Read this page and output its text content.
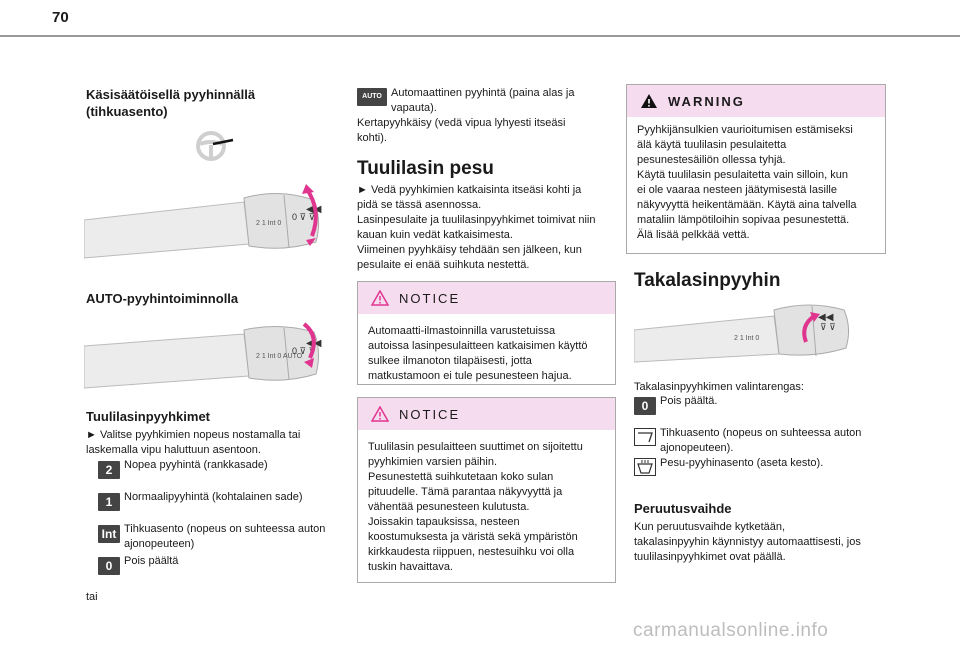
70
Käsisäätöisellä pyyhinnällä
(tihkuasento)
2 1 Int 0
0 ⊽ ⊽
◀◀
AUTO-pyyhintoiminnolla
2 1 Int 0 AUTO
0 ⊽ ⊽
◀◀
Tuulilasinpyyhkimet
► Valitse pyyhkimien nopeus nostamalla tai
laskemalla vipu haluttuun asentoon.
2	Nopea pyyhintä (rankkasade)
1	Normaalipyyhintä (kohtalainen sade)
Int Tihkuasento (nopeus on suhteessa auton
ajonopeuteen)
0	Pois päältä
tai
AUTO Automaattinen pyyhintä (paina alas ja
vapauta).
Kertapyyhkäisy (vedä vipua lyhyesti itseäsi
kohti).
Tuulilasin pesu
► Vedä pyyhkimien katkaisinta itseäsi kohti ja
pidä se tässä asennossa.
Lasinpesulaite ja tuulilasinpyyhkimet toimivat niin
kauan kuin vedät katkaisimesta.
Viimeinen pyyhkäisy tehdään sen jälkeen, kun
pesulaite ei enää suihkuta nestettä.
NOTICE
Automaatti-ilmastoinnilla varustetuissa
autoissa lasinpesulaitteen katkaisimen käyttö
sulkee ilmanoton tilapäisesti, jotta
matkustamoon ei tule pesunesteen hajua.
NOTICE
Tuulilasin pesulaitteen suuttimet on sijoitettu
pyyhkimien varsien päihin.
Pesunestettä suihkutetaan koko sulan
pituudelle. Tämä parantaa näkyvyyttä ja
vähentää pesunesteen kulutusta.
Joissakin tapauksissa, nesteen
koostumuksesta ja väristä sekä ympäristön
kirkkaudesta riippuen, nestesuihku voi olla
tuskin havaittava.
WARNING
Pyyhkijänsulkien vaurioitumisen estämiseksi
älä käytä tuulilasin pesulaitetta
pesunestesäiliön ollessa tyhjä.
Käytä tuulilasin pesulaitetta vain silloin, kun
ei ole vaaraa nesteen jäätymisestä lasille
näkyvyyttä heikentämään. Käytä aina talvella
mataliin lämpötiloihin sopivaa pesunestettä.
Älä lisää pelkkää vettä.
Takalasinpyyhin
2 1 Int 0
⊽ ⊽
◀◀
Takalasinpyyhkimen valintarengas:
0	Pois päältä.
Tihkuasento (nopeus on suhteessa auton
ajonopeuteen).
Pesu-pyyhinasento (aseta kesto).
Peruutusvaihde
Kun peruutusvaihde kytketään,
takalasinpyyhin käynnistyy automaattisesti, jos
tuulilasinpyyhkimet ovat päällä.
carmanualsonline.info
